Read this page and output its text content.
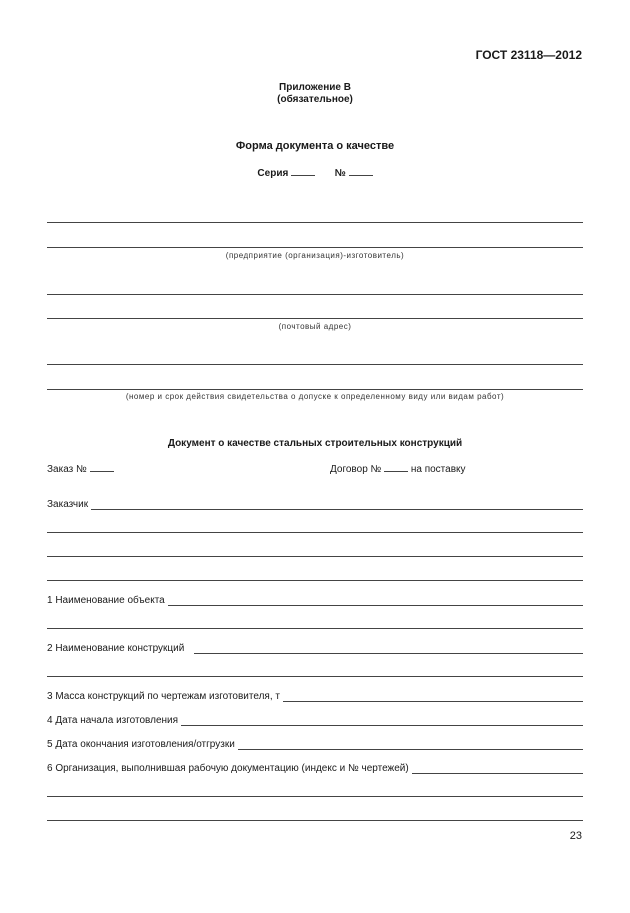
ГОСТ 23118—2012
Приложение В
(обязательное)
Форма документа о качестве
Серия	№
(предприятие (организация)-изготовитель)
(почтовый адрес)
(номер и срок действия свидетельства о допуске к определенному виду или видам работ)
Документ о качестве стальных строительных конструкций
Заказ №	Договор №	на поставку
Заказчик
1 Наименование объекта
2 Наименование конструкций
3 Масса конструкций по чертежам изготовителя, т
4 Дата начала изготовления
5 Дата окончания изготовления/отгрузки
6 Организация, выполнившая рабочую документацию (индекс и № чертежей)
23
